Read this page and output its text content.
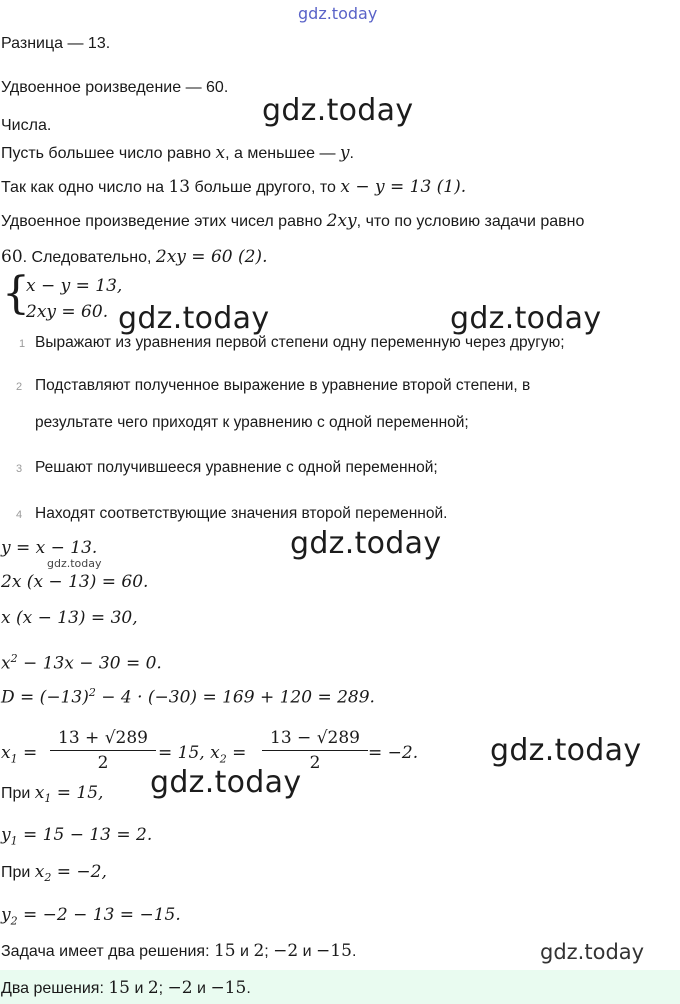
gdz.today
gdz.today
gdz.today	gdz.today
gdz.today
gdz.today
gdz.today
gdz.today
gdz.today
Разница — 13.
Удвоенное роизведение — 60.
Числа.
Пусть большее число равно x, а меньшее — y.
Так как одно число на 13 больше другого, то x − y = 13 (1).
Удвоенное произведение этих чисел равно 2xy, что по условию задачи равно
60. Следовательно, 2xy = 60 (2).
{
x − y = 13,
2xy = 60.
1 Выражают из уравнения первой степени одну переменную через другую;
2 Подставляют полученное выражение в уравнение второй степени, в
результате чего приходят к уравнению с одной переменной;
3 Решают получившееся уравнение с одной переменной;
4 Находят соответствующие значения второй переменной.
y = x − 13.
2x (x − 13) = 60.
x (x − 13) = 30,
$x^2 - 13x - 30 = 0$.
$D = (-13)^2 - 4 \cdot (-30) = 169 + 120 = 289$.
$x_1$ =
13 + √289
2	= 15, $x_2$ =
13 − √289
2	= −2.
При $x_1 = 15$,
$y_1 = 15 - 13 = 2$.
При $x_2 = -2$,
$y_2 = -2 - 13 = -15$.
Задача имеет два решения: 15 и 2; −2 и −15.
Два решения: 15 и 2; −2 и −15.
